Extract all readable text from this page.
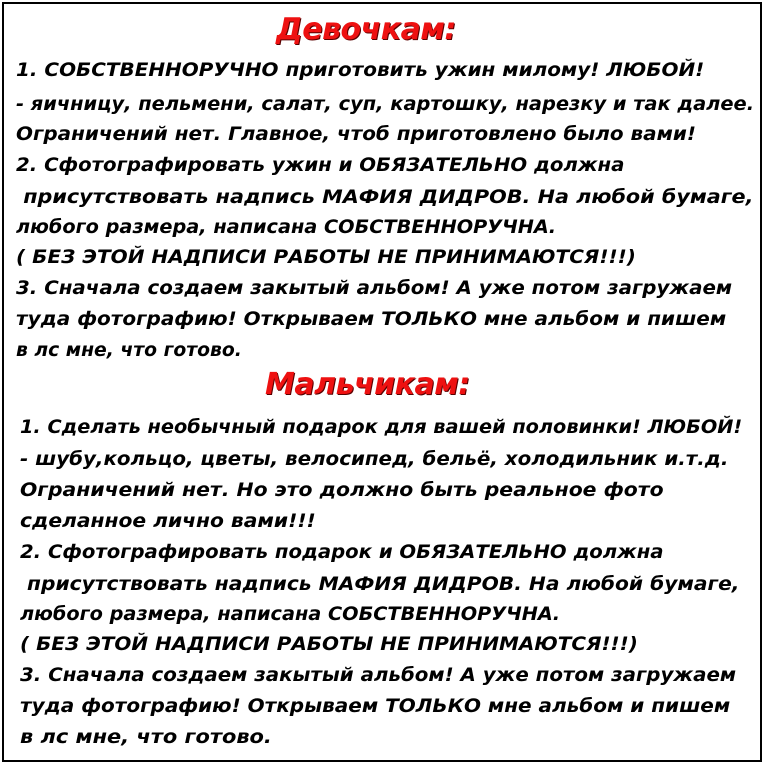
Девочкам:
1. СОБСТВЕННОРУЧНО приготовить ужин милому! ЛЮБОЙ!
- яичницу, пельмени, салат, суп, картошку, нарезку и так далее.
Ограничений нет. Главное, чтоб приготовлено было вами!
2. Сфотографировать ужин и ОБЯЗАТЕЛЬНО должна
присутствовать надпись МАФИЯ ДИДРОВ. На любой бумаге,
любого размера, написана СОБСТВЕННОРУЧНА.
( БЕЗ ЭТОЙ НАДПИСИ РАБОТЫ НЕ ПРИНИМАЮТСЯ!!!)
3. Сначала создаем закытый альбом! А уже потом загружаем
туда фотографию! Открываем ТОЛЬКО мне альбом и пишем
в лс мне, что готово.
Мальчикам:
1. Сделать необычный подарок для вашей половинки! ЛЮБОЙ!
- шубу,кольцо, цветы, велосипед, бельё, холодильник и.т.д.
Ограничений нет. Но это должно быть реальное фото
сделанное лично вами!!!
2. Сфотографировать подарок и ОБЯЗАТЕЛЬНО должна
присутствовать надпись МАФИЯ ДИДРОВ. На любой бумаге,
любого размера, написана СОБСТВЕННОРУЧНА.
( БЕЗ ЭТОЙ НАДПИСИ РАБОТЫ НЕ ПРИНИМАЮТСЯ!!!)
3. Сначала создаем закытый альбом! А уже потом загружаем
туда фотографию! Открываем ТОЛЬКО мне альбом и пишем
в лс мне, что готово.
